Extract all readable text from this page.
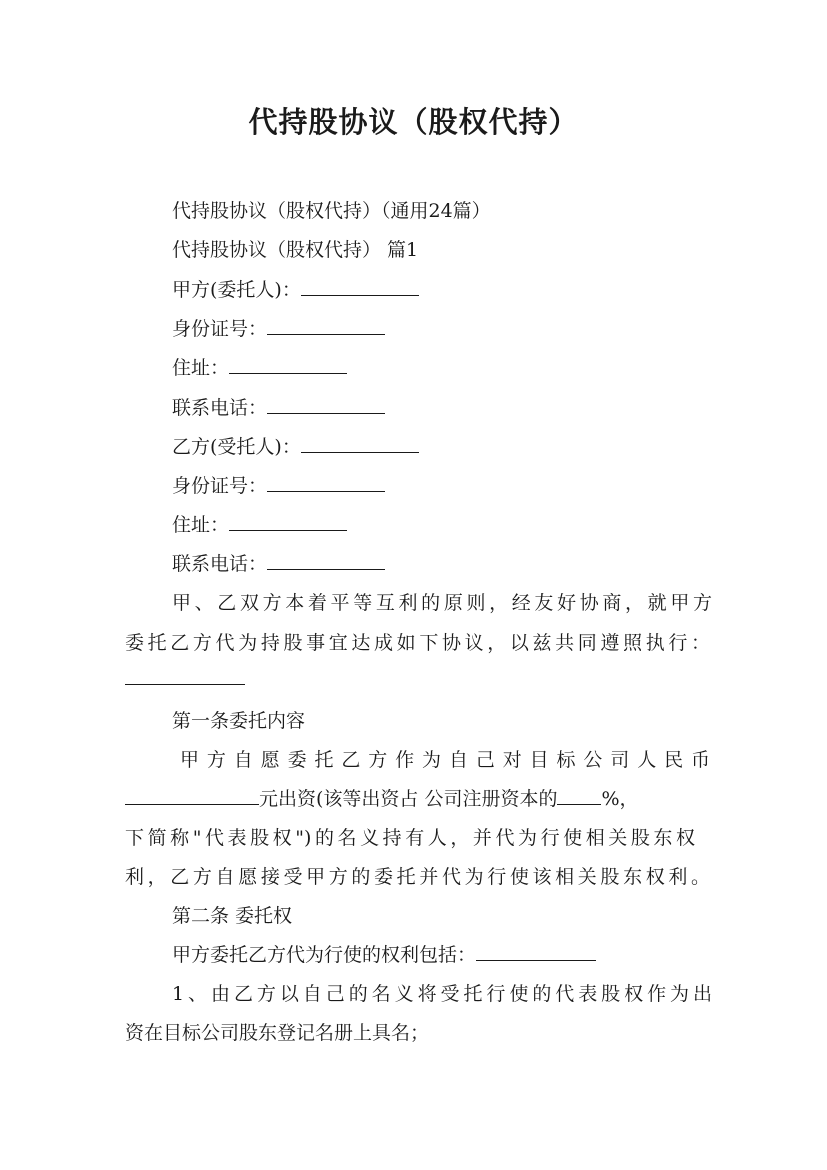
代持股协议（股权代持）
代持股协议（股权代持）（通用24篇）
代持股协议（股权代持） 篇1
甲方(委托人)：
身份证号：
住址：
联系电话：
乙方(受托人)：
身份证号：
住址：
联系电话：
甲、乙双方本着平等互利的原则，经友好协商，就甲方
委托乙方代为持股事宜达成如下协议，以兹共同遵照执行：
第一条委托内容
甲方自愿委托乙方作为自己对目标公司人民币
元出资(该等出资占 公司注册资本的 %，
下简称"代表股权")的名义持有人，并代为行使相关股东权
利，乙方自愿接受甲方的委托并代为行使该相关股东权利。
第二条 委托权
甲方委托乙方代为行使的权利包括：
1、由乙方以自己的名义将受托行使的代表股权作为出
资在目标公司股东登记名册上具名；
